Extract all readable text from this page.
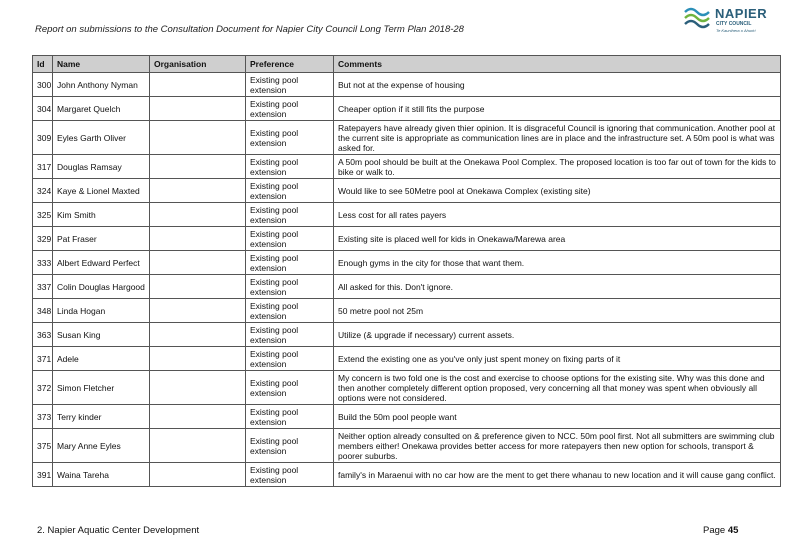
Report on submissions to the Consultation Document for Napier City Council Long Term Plan 2018-28
NAPIER
CITY COUNCIL
Te Kaunihera o Ahuriri
Id	Name	Organisation	Preference	Comments
300	John Anthony Nyman		Existing pool extension	But not at the expense of housing
304	Margaret Quelch		Existing pool extension	Cheaper option if it still fits the purpose
309	Eyles Garth Oliver		Existing pool extension	Ratepayers have already given thier opinion. It is disgraceful Council is ignoring that communication. Another pool at the current site is appropriate as communication lines are in place and the infrastructure set. A 50m pool is what was asked for.
317	Douglas Ramsay		Existing pool extension	A 50m pool should be built at the Onekawa Pool Complex. The proposed location is too far out of town for the kids to bike or walk to.
324	Kaye & Lionel Maxted		Existing pool extension	Would like to see 50Metre pool at Onekawa Complex (existing site)
325	Kim Smith		Existing pool extension	Less cost for all rates payers
329	Pat Fraser		Existing pool extension	Existing site is placed well for kids in Onekawa/Marewa area
333	Albert Edward Perfect		Existing pool extension	Enough gyms in the city for those that want them.
337	Colin Douglas Hargood		Existing pool extension	All asked for this. Don't ignore.
348	Linda Hogan		Existing pool extension	50 metre pool not 25m
363	Susan King		Existing pool extension	Utilize (& upgrade if necessary) current assets.
371	Adele		Existing pool extension	Extend the existing one as you've only just spent money on fixing parts of it
372	Simon Fletcher		Existing pool extension	My concern is two fold one is the cost and exercise to choose options for the existing site. Why was this done and then another completely different option proposed, very concerning all that money was spent when obviously all options were not considered.
373	Terry kinder		Existing pool extension	Build the 50m pool people want
375	Mary Anne Eyles		Existing pool extension	Neither option already consulted on & preference given to NCC. 50m pool first. Not all submitters are swimming club members either! Onekawa provides better access for more ratepayers then new option for schools, transport & poorer suburbs.
391	Waina Tareha		Existing pool extension	family's in Maraenui with no car how are the ment to get there whanau to new location and it will cause gang conflict.
2. Napier Aquatic Center Development	Page 45
